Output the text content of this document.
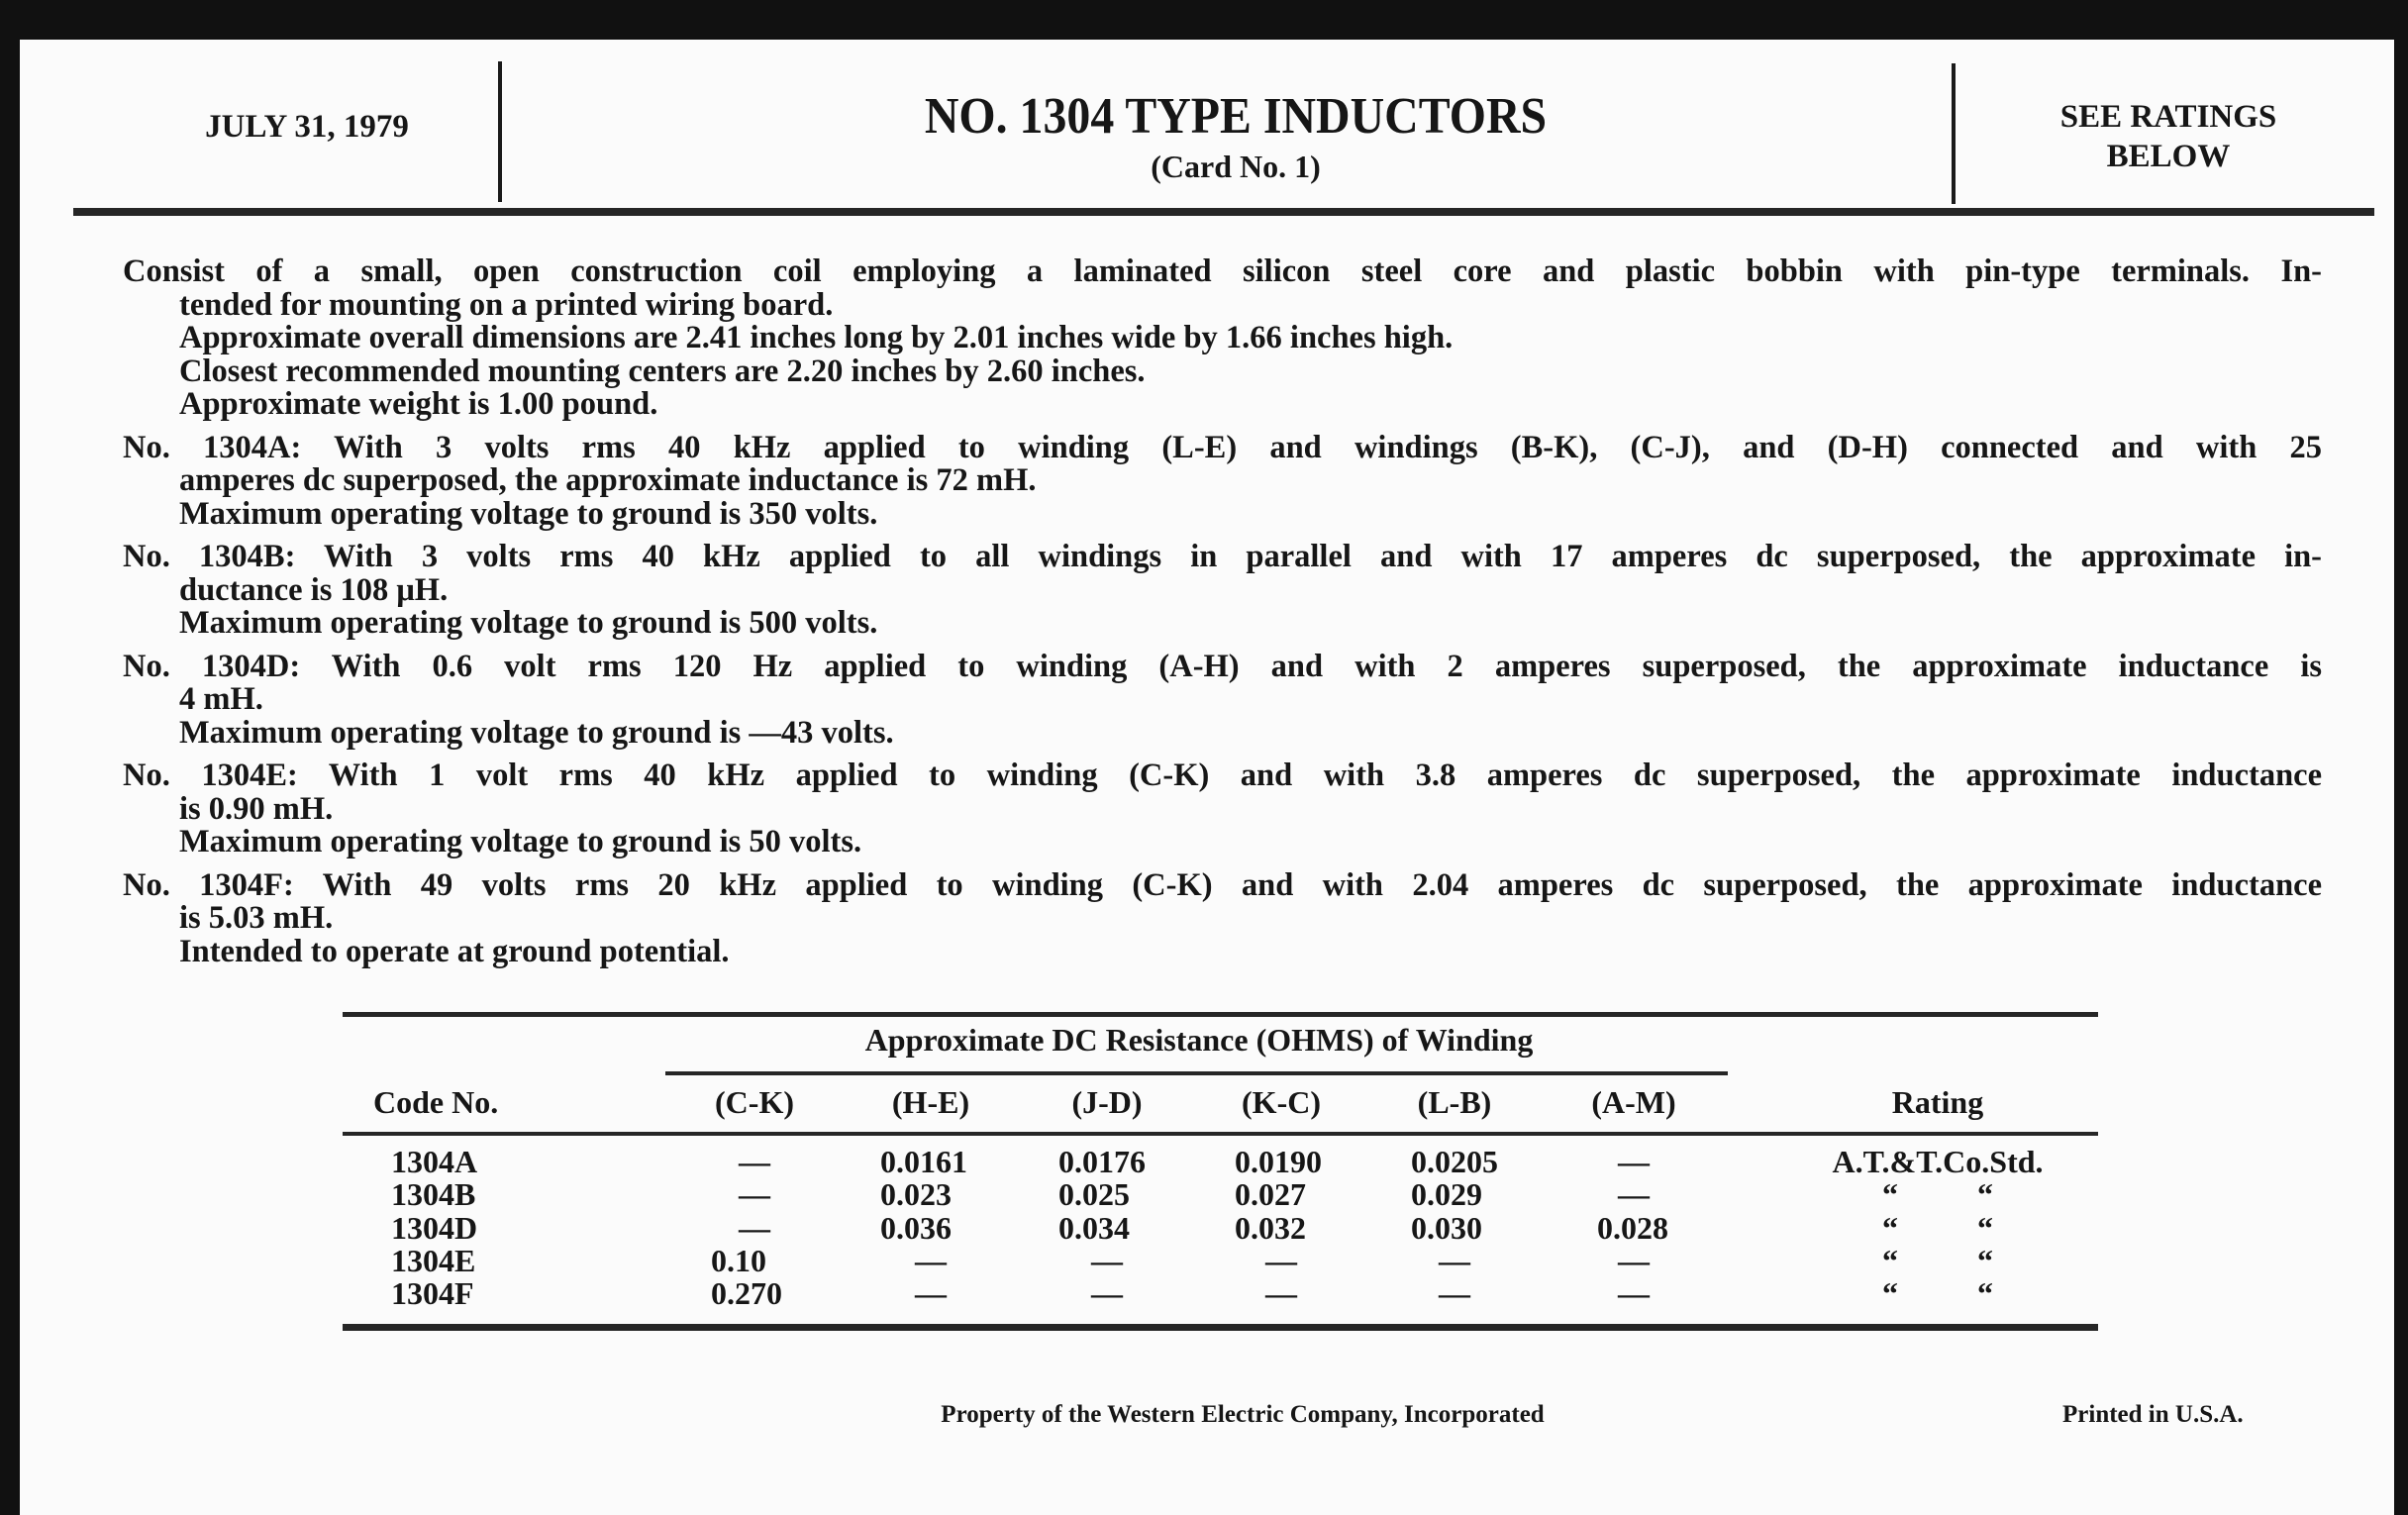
JULY 31, 1979	NO. 1304 TYPE INDUCTORS
(Card No. 1)
SEE RATINGS
BELOW
Consist of a small, open construction coil employing a laminated silicon steel core and plastic bobbin with pin-type terminals. In-
tended for mounting on a printed wiring board.
Approximate overall dimensions are 2.41 inches long by 2.01 inches wide by 1.66 inches high.
Closest recommended mounting centers are 2.20 inches by 2.60 inches.
Approximate weight is 1.00 pound.
No. 1304A: With 3 volts rms 40 kHz applied to winding (L-E) and windings (B-K), (C-J), and (D-H) connected and with 25
amperes dc superposed, the approximate inductance is 72 mH.
Maximum operating voltage to ground is 350 volts.
No. 1304B: With 3 volts rms 40 kHz applied to all windings in parallel and with 17 amperes dc superposed, the approximate in-
ductance is 108 μH.
Maximum operating voltage to ground is 500 volts.
No. 1304D: With 0.6 volt rms 120 Hz applied to winding (A-H) and with 2 amperes superposed, the approximate inductance is
4 mH.
Maximum operating voltage to ground is —43 volts.
No. 1304E: With 1 volt rms 40 kHz applied to winding (C-K) and with 3.8 amperes dc superposed, the approximate inductance
is 0.90 mH.
Maximum operating voltage to ground is 50 volts.
No. 1304F: With 49 volts rms 20 kHz applied to winding (C-K) and with 2.04 amperes dc superposed, the approximate inductance
is 5.03 mH.
Intended to operate at ground potential.
Approximate DC Resistance (OHMS) of Winding
Code No.	(C-K)	(H-E)	(J-D)	(K-C)	(L-B)	(A-M)	Rating
1304A	—	0.0161	0.0176	0.0190	0.0205	—	A.T.&T.Co.Std.
1304B	—	0.023	0.025	0.027	0.029	—	“          “
1304D	—	0.036	0.034	0.032	0.030	0.028	“          “
1304E	0.10	—	—	—	—	—	“          “
1304F	0.270	—	—	—	—	—	“          “
Property of the Western Electric Company, Incorporated	Printed in U.S.A.
